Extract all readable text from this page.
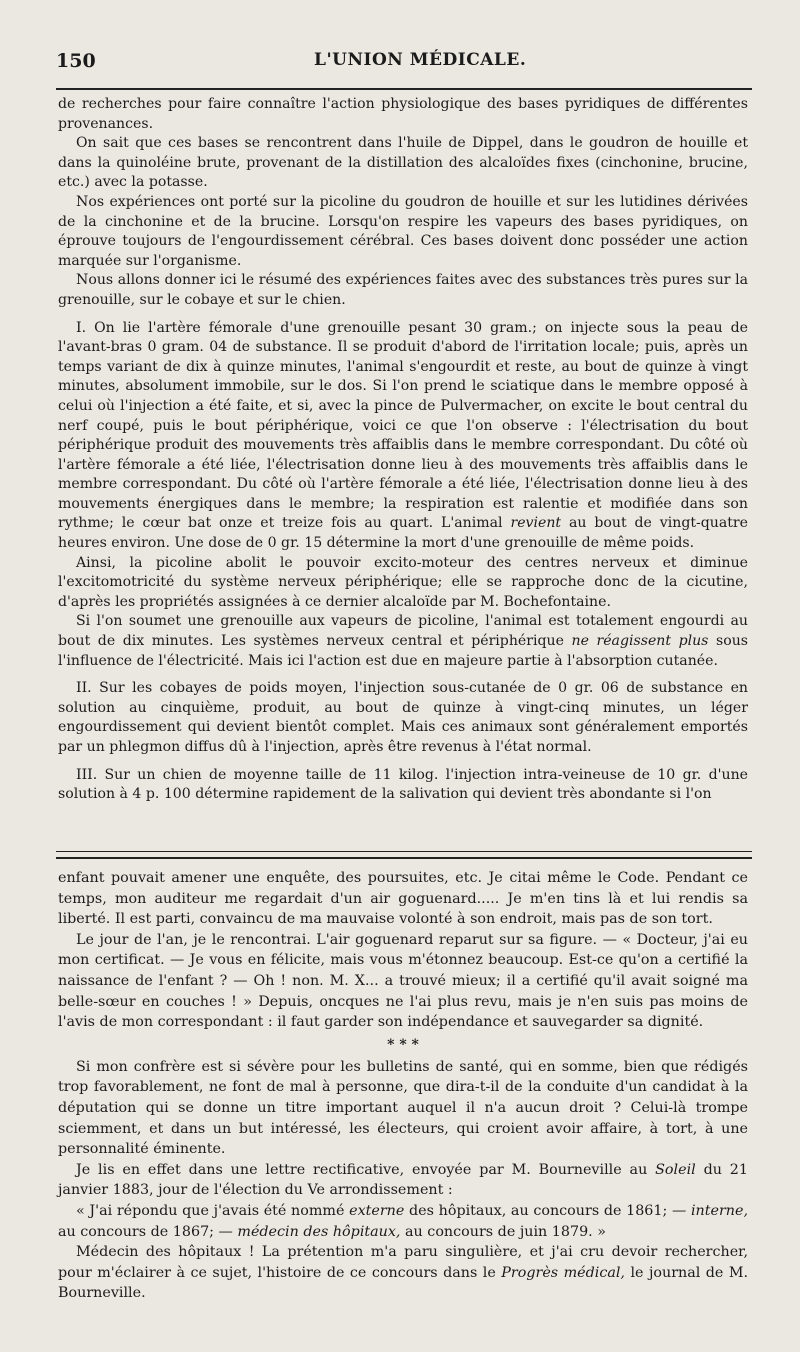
150	L'UNION MÉDICALE.

de recherches pour faire connaître l'action physiologique des bases pyridiques de différentes provenances.

On sait que ces bases se rencontrent dans l'huile de Dippel, dans le goudron de houille et dans la quinoléine brute, provenant de la distillation des alcaloïdes fixes (cinchonine, brucine, etc.) avec la potasse.

Nos expériences ont porté sur la picoline du goudron de houille et sur les lutidines dérivées de la cinchonine et de la brucine. Lorsqu'on respire les vapeurs des bases pyridiques, on éprouve toujours de l'engourdissement cérébral. Ces bases doivent donc posséder une action marquée sur l'organisme.

Nous allons donner ici le résumé des expériences faites avec des substances très pures sur la grenouille, sur le cobaye et sur le chien.

I. On lie l'artère fémorale d'une grenouille pesant 30 gram.; on injecte sous la peau de l'avant-bras 0 gram. 04 de substance. Il se produit d'abord de l'irritation locale; puis, après un temps variant de dix à quinze minutes, l'animal s'engourdit et reste, au bout de quinze à vingt minutes, absolument immobile, sur le dos. Si l'on prend le sciatique dans le membre opposé à celui où l'injection a été faite, et si, avec la pince de Pulvermacher, on excite le bout central du nerf coupé, puis le bout périphérique, voici ce que l'on observe : l'électrisation du bout périphérique produit des mouvements très affaiblis dans le membre correspondant. Du côté où l'artère fémorale a été liée, l'électrisation donne lieu à des mouvements très affaiblis dans le membre correspondant. Du côté où l'artère fémorale a été liée, l'électrisation donne lieu à des mouvements énergiques dans le membre; la respiration est ralentie et modifiée dans son rythme; le cœur bat onze et treize fois au quart. L'animal revient au bout de vingt-quatre heures environ. Une dose de 0 gr. 15 détermine la mort d'une grenouille de même poids.

Ainsi, la picoline abolit le pouvoir excito-moteur des centres nerveux et diminue l'excitomotricité du système nerveux périphérique; elle se rapproche donc de la cicutine, d'après les propriétés assignées à ce dernier alcaloïde par M. Bochefontaine.

Si l'on soumet une grenouille aux vapeurs de picoline, l'animal est totalement engourdi au bout de dix minutes. Les systèmes nerveux central et périphérique ne réagissent plus sous l'influence de l'électricité. Mais ici l'action est due en majeure partie à l'absorption cutanée.

II. Sur les cobayes de poids moyen, l'injection sous-cutanée de 0 gr. 06 de substance en solution au cinquième, produit, au bout de quinze à vingt-cinq minutes, un léger engourdissement qui devient bientôt complet. Mais ces animaux sont généralement emportés par un phlegmon diffus dû à l'injection, après être revenus à l'état normal.

III. Sur un chien de moyenne taille de 11 kilog. l'injection intra-veineuse de 10 gr. d'une solution à 4 p. 100 détermine rapidement de la salivation qui devient très abondante si l'on

enfant pouvait amener une enquête, des poursuites, etc. Je citai même le Code. Pendant ce temps, mon auditeur me regardait d'un air goguenard..... Je m'en tins là et lui rendis sa liberté. Il est parti, convaincu de ma mauvaise volonté à son endroit, mais pas de son tort.

Le jour de l'an, je le rencontrai. L'air goguenard reparut sur sa figure. — « Docteur, j'ai eu mon certificat. — Je vous en félicite, mais vous m'étonnez beaucoup. Est-ce qu'on a certifié la naissance de l'enfant ? — Oh ! non. M. X... a trouvé mieux; il a certifié qu'il avait soigné ma belle-sœur en couches ! » Depuis, oncques ne l'ai plus revu, mais je n'en suis pas moins de l'avis de mon correspondant : il faut garder son indépendance et sauvegarder sa dignité.

* * *

Si mon confrère est si sévère pour les bulletins de santé, qui en somme, bien que rédigés trop favorablement, ne font de mal à personne, que dira-t-il de la conduite d'un candidat à la députation qui se donne un titre important auquel il n'a aucun droit ? Celui-là trompe sciemment, et dans un but intéressé, les électeurs, qui croient avoir affaire, à tort, à une personnalité éminente.

Je lis en effet dans une lettre rectificative, envoyée par M. Bourneville au Soleil du 21 janvier 1883, jour de l'élection du Ve arrondissement :

« J'ai répondu que j'avais été nommé externe des hôpitaux, au concours de 1861; — interne, au concours de 1867; — médecin des hôpitaux, au concours de juin 1879. »

Médecin des hôpitaux ! La prétention m'a paru singulière, et j'ai cru devoir rechercher, pour m'éclairer à ce sujet, l'histoire de ce concours dans le Progrès médical, le journal de M. Bourneville.
